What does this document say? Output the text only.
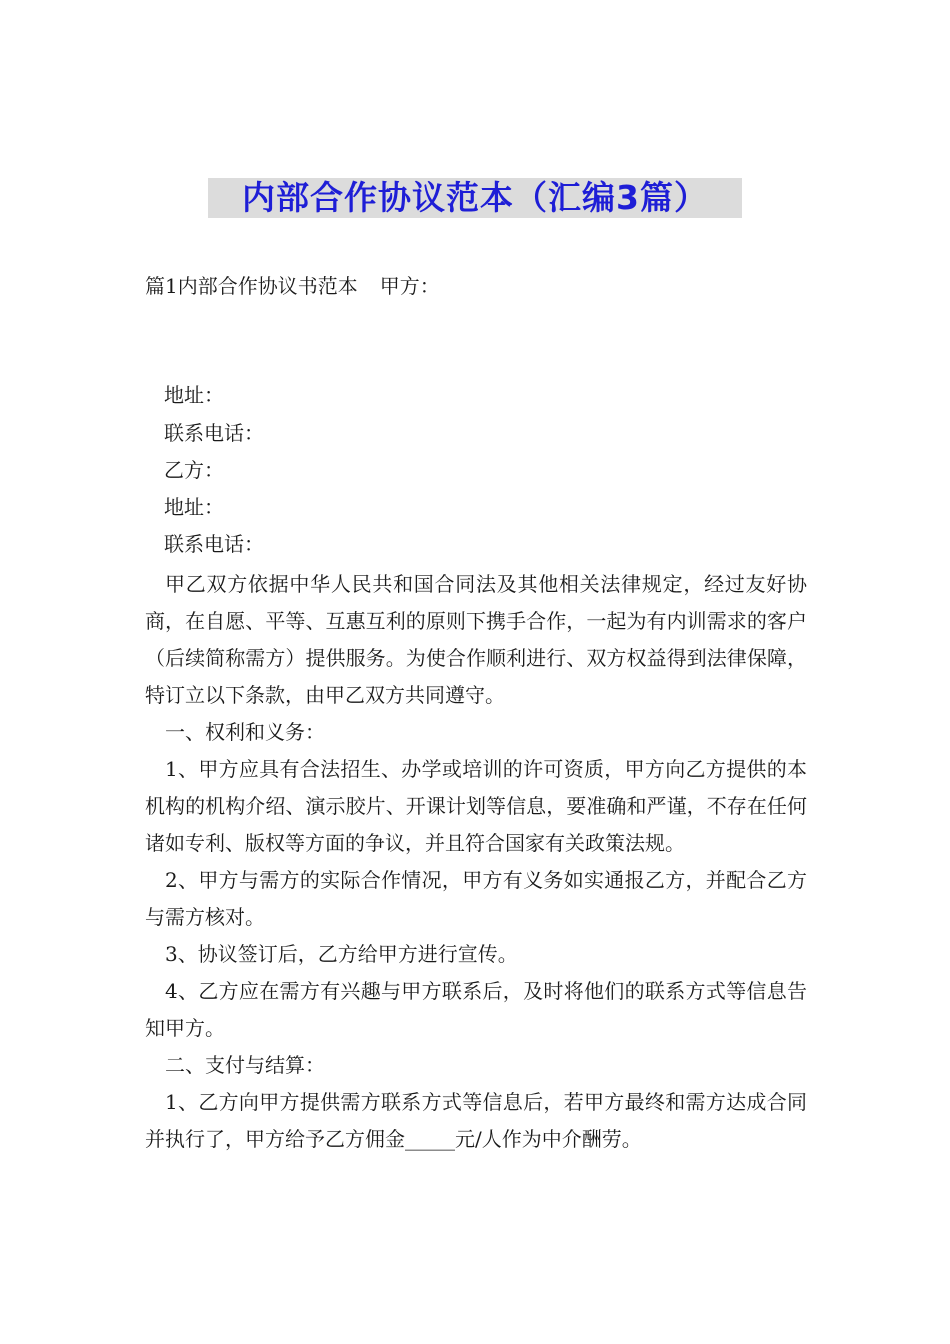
内部合作协议范本（汇编3篇）
篇1内部合作协议书范本 甲方：
地址：
联系电话：
乙方：
地址：
联系电话：

甲乙双方依据中华人民共和国合同法及其他相关法律规定，经过友好协商，在自愿、平等、互惠互利的原则下携手合作，一起为有内训需求的客户（后续简称需方）提供服务。为使合作顺利进行、双方权益得到法律保障，特订立以下条款，由甲乙双方共同遵守。

一、权利和义务：

1、甲方应具有合法招生、办学或培训的许可资质，甲方向乙方提供的本机构的机构介绍、演示胶片、开课计划等信息，要准确和严谨，不存在任何诸如专利、版权等方面的争议，并且符合国家有关政策法规。

2、甲方与需方的实际合作情况，甲方有义务如实通报乙方，并配合乙方与需方核对。

3、协议签订后，乙方给甲方进行宣传。

4、乙方应在需方有兴趣与甲方联系后，及时将他们的联系方式等信息告知甲方。

二、支付与结算：

1、乙方向甲方提供需方联系方式等信息后，若甲方最终和需方达成合同并执行了，甲方给予乙方佣金_____元/人作为中介酬劳。
